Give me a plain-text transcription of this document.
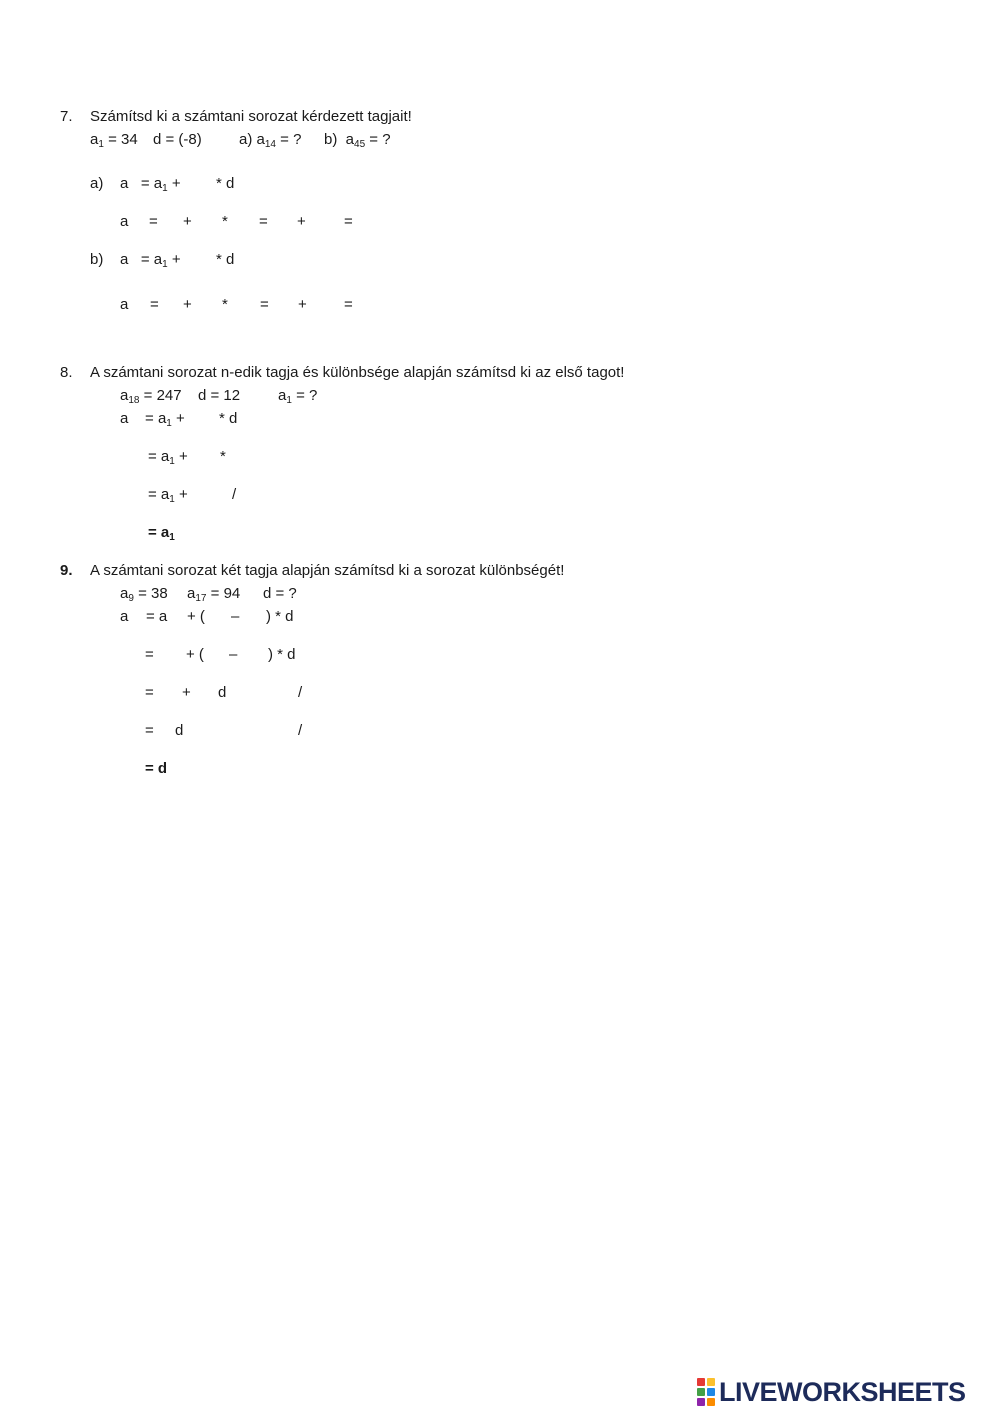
7. Számítsd ki a számtani sorozat kérdezett tagjait!
$a_1 = 34$ d = (-8) a) $a_{14}$ = ? b)  $a_{45}$ = ?
a) $a = a_1$ + * d
a = + * = +	=
b) $a = a_1$ + * d
a = + * = + =
8. A számtani sorozat n-edik tagja és különbsége alapján számítsd ki az első tagot!
$a_{18} = 247$ d = 12	$a_1$ = ?
a    = $a_1$ + * d
= $a_1$ + *
= $a_1$ +	/
= $a_1$
9. A számtani sorozat két tagja alapján számítsd ki a sorozat különbségét!
$a_9 = 38$ $a_{17} = 94$ d = ?
a = a + ( – ) * d
= + ( – ) * d
= + d	/
= d	/
= d
LIVEWORKSHEETS
